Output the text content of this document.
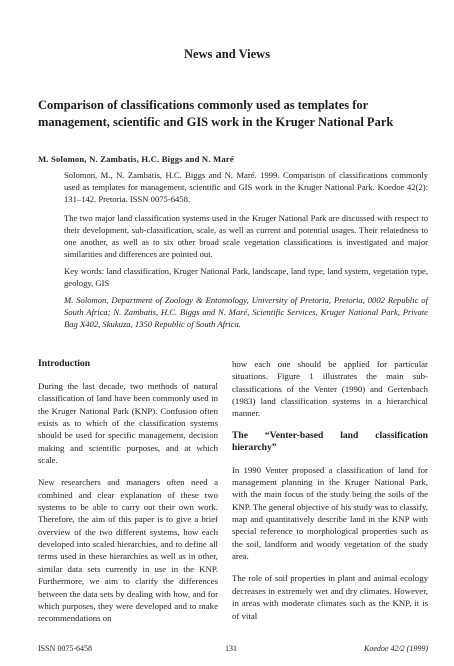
News and Views
Comparison of classifications commonly used as templates for management, scientific and GIS work in the Kruger National Park
M. Solomon, N. Zambatis, H.C. Biggs and N. Maré

Solomon, M., N. Zambatis, H.C. Biggs and N. Maré. 1999. Comparison of classifications commonly used as templates for management, scientific and GIS work in the Kruger National Park. Koedoe 42(2): 131–142. Pretoria. ISSN 0075-6458.

The two major land classification systems used in the Kruger National Park are discussed with respect to their development, sub-classification, scale, as well as current and potential usages. Their relatedness to one another, as well as to six other broad scale vegetation classifications is investigated and major similarities and differences are pointed out.

Key words: land classification, Kruger National Park, landscape, land type, land system, vegetation type, geology, GIS

M. Solomon, Department of Zoology & Entomology, University of Pretoria, Pretoria, 0002 Republic of South Africa; N. Zambatis, H.C. Biggs and N. Maré, Scientific Services, Kruger National Park, Private Bag X402, Skukuza, 1350 Republic of South Africa.

Introduction

During the last decade, two methods of natural classification of land have been commonly used in the Kruger National Park (KNP). Confusion often exists as to which of the classification systems should be used for specific management, decision making and scientific purposes, and at which scale.

New researchers and managers often need a combined and clear explanation of these two systems to be able to carry out their own work. Therefore, the aim of this paper is to give a brief overview of the two different systems, how each developed into scaled hierarchies, and to define all terms used in these hierarchies as well as in other, similar data sets currently in use in the KNP. Furthermore, we aim to clarify the differences between the data sets by dealing with how, and for which purposes, they were developed and to make recommendations on

how each one should be applied for particular situations. Figure 1 illustrates the main sub-classifications of the Venter (1990) and Gertenbach (1983) land classification systems in a hierarchical manner.

The “Venter-based land classification hierarchy”

In 1990 Venter proposed a classification of land for management planning in the Kruger National Park, with the main focus of the study being the soils of the KNP. The general objective of his study was to classify, map and quantitatively describe land in the KNP with special reference to morphological properties such as the soil, landform and woody vegetation of the study area.

The role of soil properties in plant and animal ecology decreases in extremely wet and dry climates. However, in areas with moderate climates such as the KNP, it is of vital

ISSN 0075-6458	131	Koedoe 42/2 (1999)
